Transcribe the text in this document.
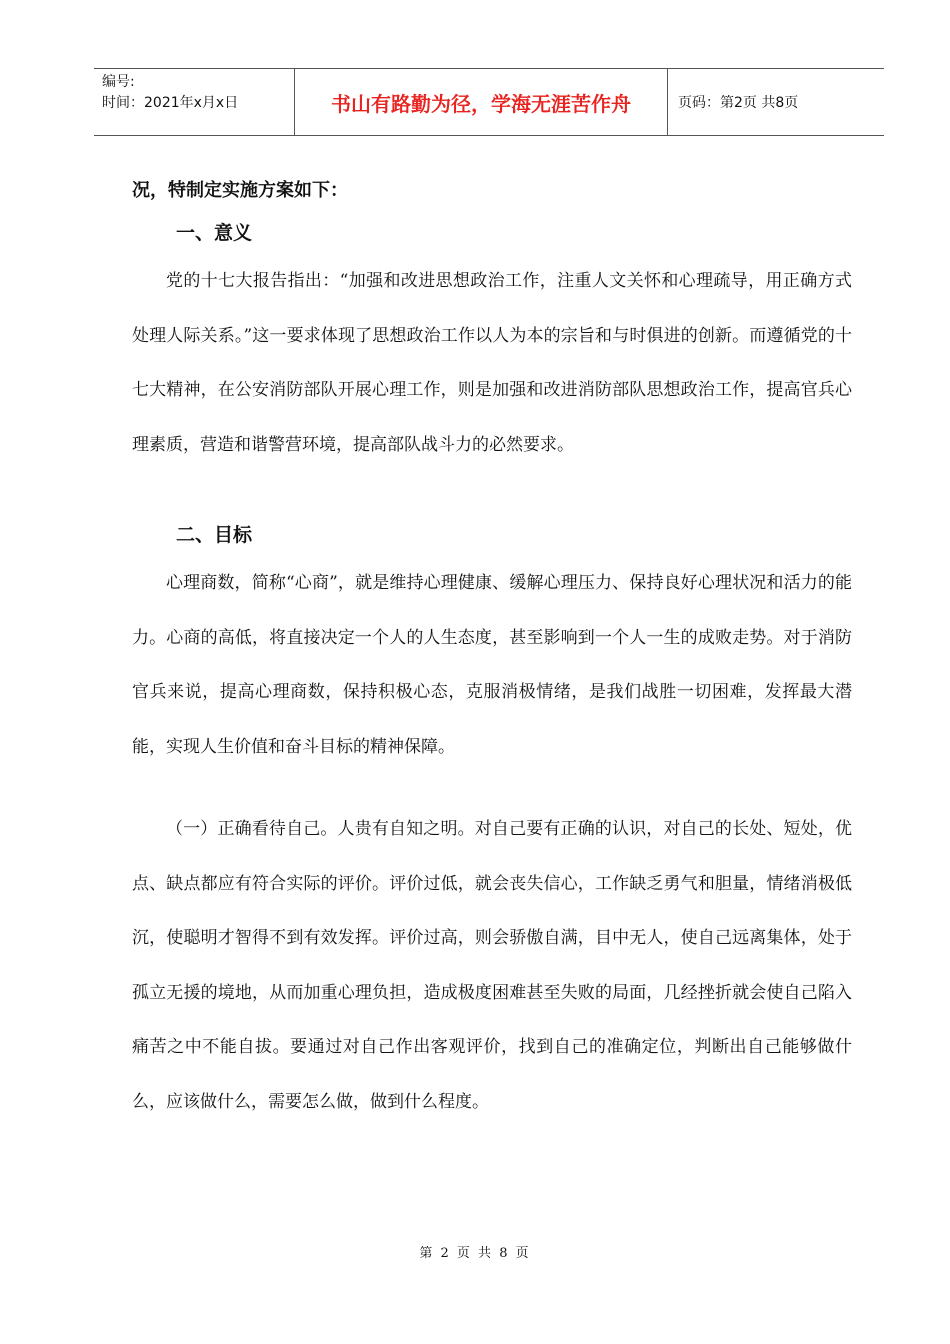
编号:
时间：2021年x月x日	书山有路勤为径，学海无涯苦作舟	页码：第2页 共8页

况，特制定实施方案如下：

一、意义

党的十七大报告指出：“加强和改进思想政治工作，注重人文关怀和心理疏导，用正确方式处理人际关系。”这一要求体现了思想政治工作以人为本的宗旨和与时俱进的创新。而遵循党的十七大精神，在公安消防部队开展心理工作，则是加强和改进消防部队思想政治工作，提高官兵心理素质，营造和谐警营环境，提高部队战斗力的必然要求。

二、目标

心理商数，简称“心商”，就是维持心理健康、缓解心理压力、保持良好心理状况和活力的能力。心商的高低，将直接决定一个人的人生态度，甚至影响到一个人一生的成败走势。对于消防官兵来说，提高心理商数，保持积极心态，克服消极情绪，是我们战胜一切困难，发挥最大潜能，实现人生价值和奋斗目标的精神保障。

（一）正确看待自己。人贵有自知之明。对自己要有正确的认识，对自己的长处、短处，优点、缺点都应有符合实际的评价。评价过低，就会丧失信心，工作缺乏勇气和胆量，情绪消极低沉，使聪明才智得不到有效发挥。评价过高，则会骄傲自满，目中无人，使自己远离集体，处于孤立无援的境地，从而加重心理负担，造成极度困难甚至失败的局面，几经挫折就会使自己陷入痛苦之中不能自拔。要通过对自己作出客观评价，找到自己的准确定位，判断出自己能够做什么，应该做什么，需要怎么做，做到什么程度。

第 2 页 共 8 页
